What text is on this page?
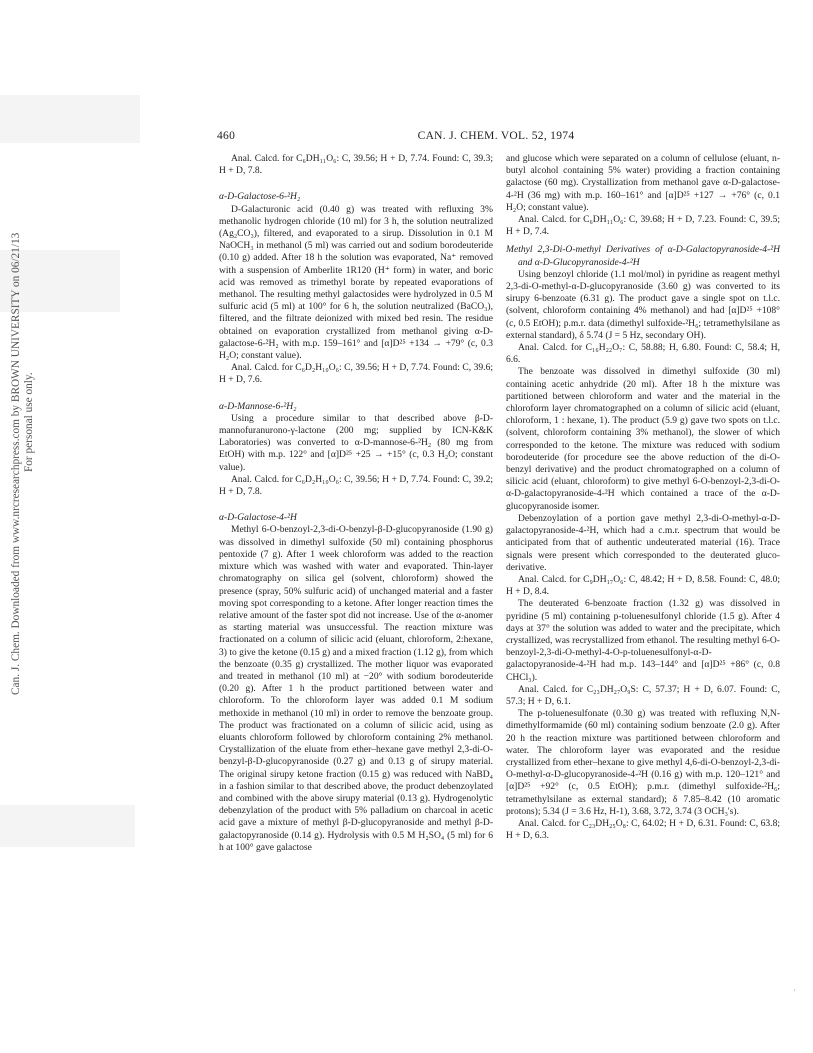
Can. J. Chem. Downloaded from www.nrcresearchpress.com by BROWN UNIVERSITY on 06/21/13 For personal use only.
460	CAN. J. CHEM. VOL. 52, 1974

Anal. Calcd. for C₆DH₁₁O₆: C, 39.56; H + D, 7.74. Found: C, 39.3; H + D, 7.8.

α-D-Galactose-6-²H₂

D-Galacturonic acid (0.40 g) was treated with refluxing 3% methanolic hydrogen chloride (10 ml) for 3 h, the solution neutralized (Ag₂CO₃), filtered, and evaporated to a sirup. Dissolution in 0.1 M NaOCH₃ in methanol (5 ml) was carried out and sodium borodeuteride (0.10 g) added. After 18 h the solution was evaporated, Na⁺ removed with a suspension of Amberlite 1R120 (H⁺ form) in water, and boric acid was removed as trimethyl borate by repeated evaporations of methanol. The resulting methyl galactosides were hydrolyzed in 0.5 M sulfuric acid (5 ml) at 100° for 6 h, the solution neutralized (BaCO₃), filtered, and the filtrate deionized with mixed bed resin. The residue obtained on evaporation crystallized from methanol giving α-D-galactose-6-²H₂ with m.p. 159–161° and [α]D²⁵ +134 → +79° (c, 0.3 H₂O; constant value).

Anal. Calcd. for C₆D₂H₁₀O₆: C, 39.56; H + D, 7.74. Found: C, 39.6; H + D, 7.6.

α-D-Mannose-6-²H₂

Using a procedure similar to that described above β-D-mannofuranurono-γ-lactone (200 mg; supplied by ICN-K&K Laboratories) was converted to α-D-mannose-6-²H₂ (80 mg from EtOH) with m.p. 122° and [α]D²⁵ +25 → +15° (c, 0.3 H₂O; constant value).

Anal. Calcd. for C₆D₂H₁₀O₆: C, 39.56; H + D, 7.74. Found: C, 39.2; H + D, 7.8.

α-D-Galactose-4-²H

Methyl 6-O-benzoyl-2,3-di-O-benzyl-β-D-glucopyranoside (1.90 g) was dissolved in dimethyl sulfoxide (50 ml) containing phosphorus pentoxide (7 g). After 1 week chloroform was added to the reaction mixture which was washed with water and evaporated. Thin-layer chromatography on silica gel (solvent, chloroform) showed the presence (spray, 50% sulfuric acid) of unchanged material and a faster moving spot corresponding to a ketone. After longer reaction times the relative amount of the faster spot did not increase. Use of the α-anomer as starting material was unsuccessful. The reaction mixture was fractionated on a column of silicic acid (eluant, chloroform, 2:hexane, 3) to give the ketone (0.15 g) and a mixed fraction (1.12 g), from which the benzoate (0.35 g) crystallized. The mother liquor was evaporated and treated in methanol (10 ml) at −20° with sodium borodeuteride (0.20 g). After 1 h the product partitioned between water and chloroform. To the chloroform layer was added 0.1 M sodium methoxide in methanol (10 ml) in order to remove the benzoate group. The product was fractionated on a column of silicic acid, using as eluants chloroform followed by chloroform containing 2% methanol. Crystallization of the eluate from ether–hexane gave methyl 2,3-di-O-benzyl-β-D-glucopyranoside (0.27 g) and 0.13 g of sirupy material. The original sirupy ketone fraction (0.15 g) was reduced with NaBD₄ in a fashion similar to that described above, the product debenzoylated and combined with the above sirupy material (0.13 g). Hydrogenolytic debenzylation of the product with 5% palladium on charcoal in acetic acid gave a mixture of methyl β-D-glucopyranoside and methyl β-D-galactopyranoside (0.14 g). Hydrolysis with 0.5 M H₂SO₄ (5 ml) for 6 h at 100° gave galactose

and glucose which were separated on a column of cellulose (eluant, n-butyl alcohol containing 5% water) providing a fraction containing galactose (60 mg). Crystallization from methanol gave α-D-galactose-4-²H (36 mg) with m.p. 160–161° and [α]D²⁵ +127 → +76° (c, 0.1 H₂O; constant value).

Anal. Calcd. for C₆DH₁₁O₆: C, 39.68; H + D, 7.23. Found: C, 39.5; H + D, 7.4.

Methyl 2,3-Di-O-methyl Derivatives of α-D-Galactopyranoside-4-²H and α-D-Glucopyranoside-4-²H

Using benzoyl chloride (1.1 mol/mol) in pyridine as reagent methyl 2,3-di-O-methyl-α-D-glucopyranoside (3.60 g) was converted to its sirupy 6-benzoate (6.31 g). The product gave a single spot on t.l.c. (solvent, chloroform containing 4% methanol) and had [α]D²⁵ +108° (c, 0.5 EtOH); p.m.r. data (dimethyl sulfoxide-²H₆; tetramethylsilane as external standard), δ 5.74 (J = 5 Hz, secondary OH).

Anal. Calcd. for C₁₆H₂₂O₇: C, 58.88; H, 6.80. Found: C, 58.4; H, 6.6.

The benzoate was dissolved in dimethyl sulfoxide (30 ml) containing acetic anhydride (20 ml). After 18 h the mixture was partitioned between chloroform and water and the material in the chloroform layer chromatographed on a column of silicic acid (eluant, chloroform, 1 : hexane, 1). The product (5.9 g) gave two spots on t.l.c. (solvent, chloroform containing 3% methanol), the slower of which corresponded to the ketone. The mixture was reduced with sodium borodeuteride (for procedure see the above reduction of the di-O-benzyl derivative) and the product chromatographed on a column of silicic acid (eluant, chloroform) to give methyl 6-O-benzoyl-2,3-di-O-α-D-galactopyranoside-4-²H which contained a trace of the α-D-glucopyranoside isomer.

Debenzoylation of a portion gave methyl 2,3-di-O-methyl-α-D-galactopyranoside-4-²H, which had a c.m.r. spectrum that would be anticipated from that of authentic undeuterated material (16). Trace signals were present which corresponded to the deuterated gluco-derivative.

Anal. Calcd. for C₉DH₁₇O₆: C, 48.42; H + D, 8.58. Found: C, 48.0; H + D, 8.4.

The deuterated 6-benzoate fraction (1.32 g) was dissolved in pyridine (5 ml) containing p-toluenesulfonyl chloride (1.5 g). After 4 days at 37° the solution was added to water and the precipitate, which crystallized, was recrystallized from ethanol. The resulting methyl 6-O-benzoyl-2,3-di-O-methyl-4-O-p-toluenesulfonyl-α-D-galactopyranoside-4-²H had m.p. 143–144° and [α]D²⁵ +86° (c, 0.8 CHCl₃).

Anal. Calcd. for C₂₃DH₂₇O₉S: C, 57.37; H + D, 6.07. Found: C, 57.3; H + D, 6.1.

The p-toluenesulfonate (0.30 g) was treated with refluxing N,N-dimethylformamide (60 ml) containing sodium benzoate (2.0 g). After 20 h the reaction mixture was partitioned between chloroform and water. The chloroform layer was evaporated and the residue crystallized from ether–hexane to give methyl 4,6-di-O-benzoyl-2,3-di-O-methyl-α-D-glucopyranoside-4-²H (0.16 g) with m.p. 120–121° and [α]D²⁵ +92° (c, 0.5 EtOH); p.m.r. (dimethyl sulfoxide-²H₆; tetramethylsilane as external standard); δ 7.85–8.42 (10 aromatic protons); 5.34 (J = 3.6 Hz, H-1), 3.68, 3.72, 3.74 (3 OCH₃'s).

Anal. Calcd. for C₂₃DH₂₅O₈: C, 64.02; H + D, 6.31. Found: C, 63.8; H + D, 6.3.

·
